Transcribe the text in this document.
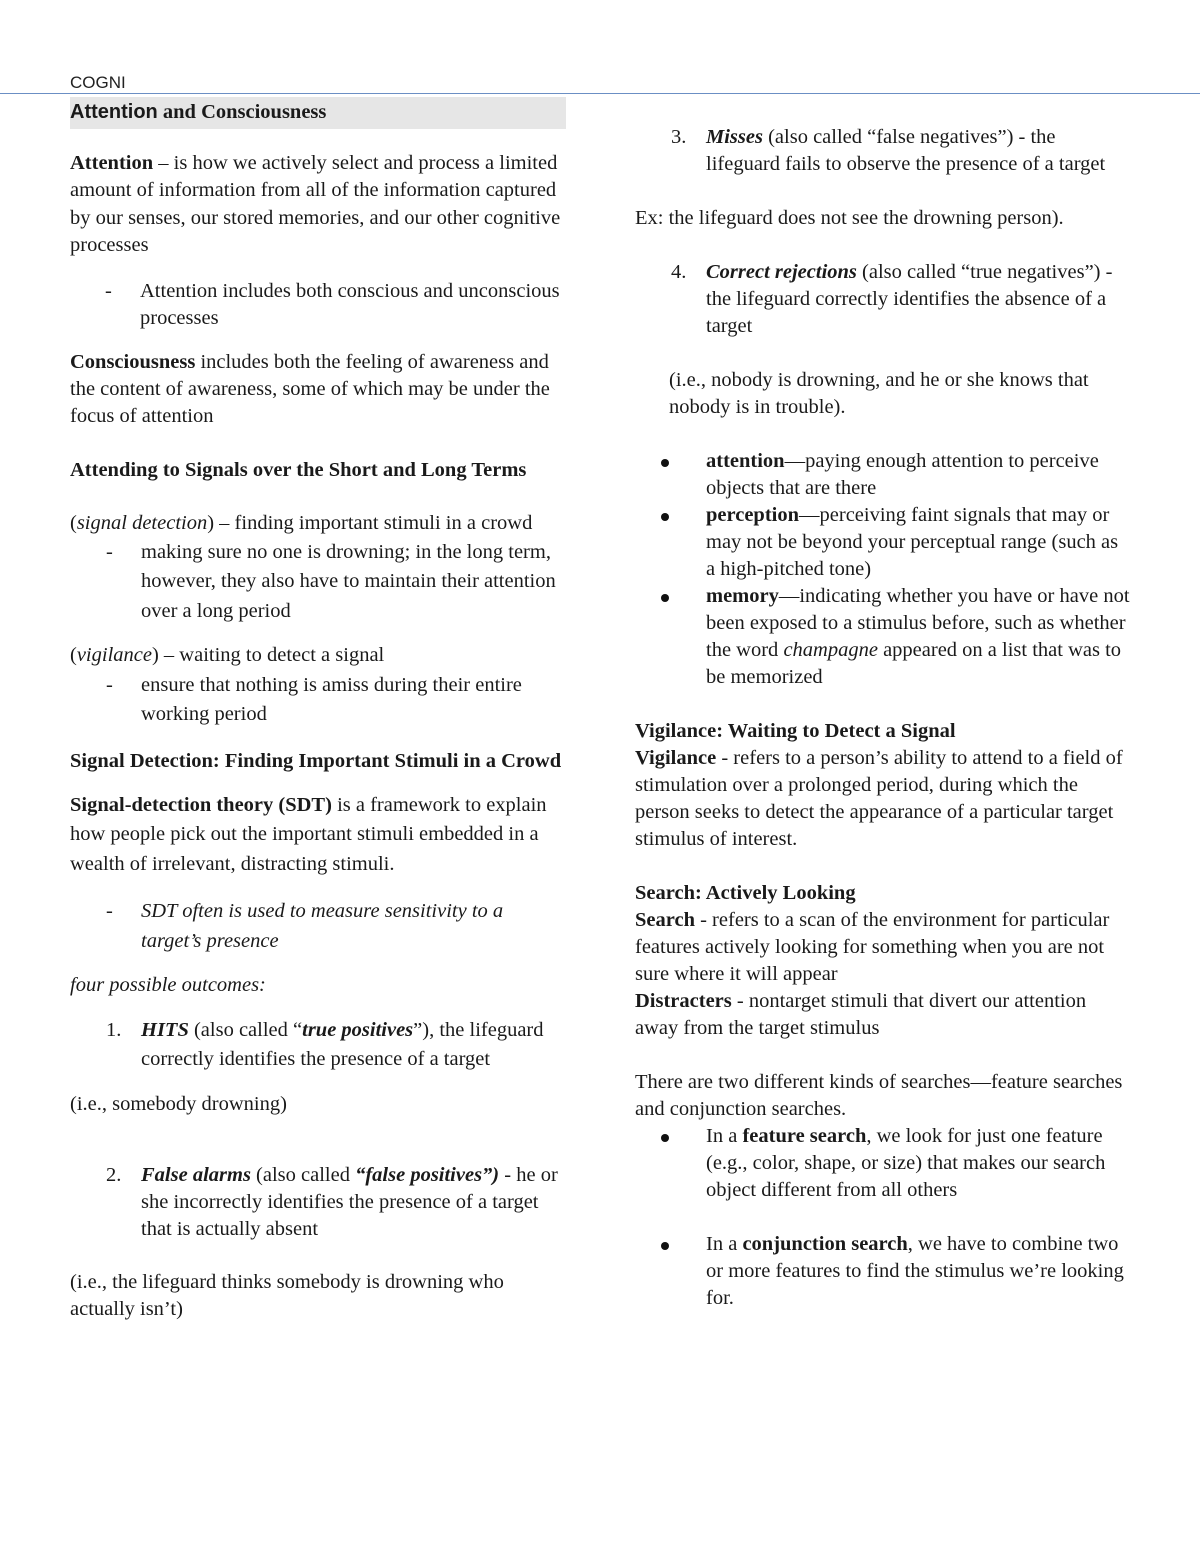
COGNI
Attention and Consciousness

Attention – is how we actively select and process a limited amount of information from all of the information captured by our senses, our stored memories, and our other cognitive processes

- Attention includes both conscious and unconscious processes

Consciousness includes both the feeling of awareness and the content of awareness, some of which may be under the focus of attention

Attending to Signals over the Short and Long Terms

(signal detection) – finding important stimuli in a crowd

- making sure no one is drowning; in the long term, however, they also have to maintain their attention over a long period

(vigilance) – waiting to detect a signal

- ensure that nothing is amiss during their entire working period

Signal Detection: Finding Important Stimuli in a Crowd

Signal-detection theory (SDT) is a framework to explain how people pick out the important stimuli embedded in a wealth of irrelevant, distracting stimuli.

- SDT often is used to measure sensitivity to a target’s presence

four possible outcomes:

1. HITS (also called “true positives”), the lifeguard correctly identifies the presence of a target

(i.e., somebody drowning)

2. False alarms (also called “false positives”) - he or she incorrectly identifies the presence of a target that is actually absent

(i.e., the lifeguard thinks somebody is drowning who actually isn’t)

3. Misses (also called “false negatives”) - the lifeguard fails to observe the presence of a target

Ex: the lifeguard does not see the drowning person).

4. Correct rejections (also called “true negatives”) - the lifeguard correctly identifies the absence of a target

(i.e., nobody is drowning, and he or she knows that nobody is in trouble).

attention—paying enough attention to perceive objects that are there

perception—perceiving faint signals that may or may not be beyond your perceptual range (such as a high-pitched tone)

memory—indicating whether you have or have not been exposed to a stimulus before, such as whether the word champagne appeared on a list that was to be memorized

Vigilance: Waiting to Detect a Signal

Vigilance - refers to a person’s ability to attend to a field of stimulation over a prolonged period, during which the person seeks to detect the appearance of a particular target stimulus of interest.

Search: Actively Looking

Search - refers to a scan of the environment for particular features actively looking for something when you are not sure where it will appear

Distracters - nontarget stimuli that divert our attention away from the target stimulus

There are two different kinds of searches—feature searches and conjunction searches.

In a feature search, we look for just one feature (e.g., color, shape, or size) that makes our search object different from all others

In a conjunction search, we have to combine two or more features to find the stimulus we’re looking for.
